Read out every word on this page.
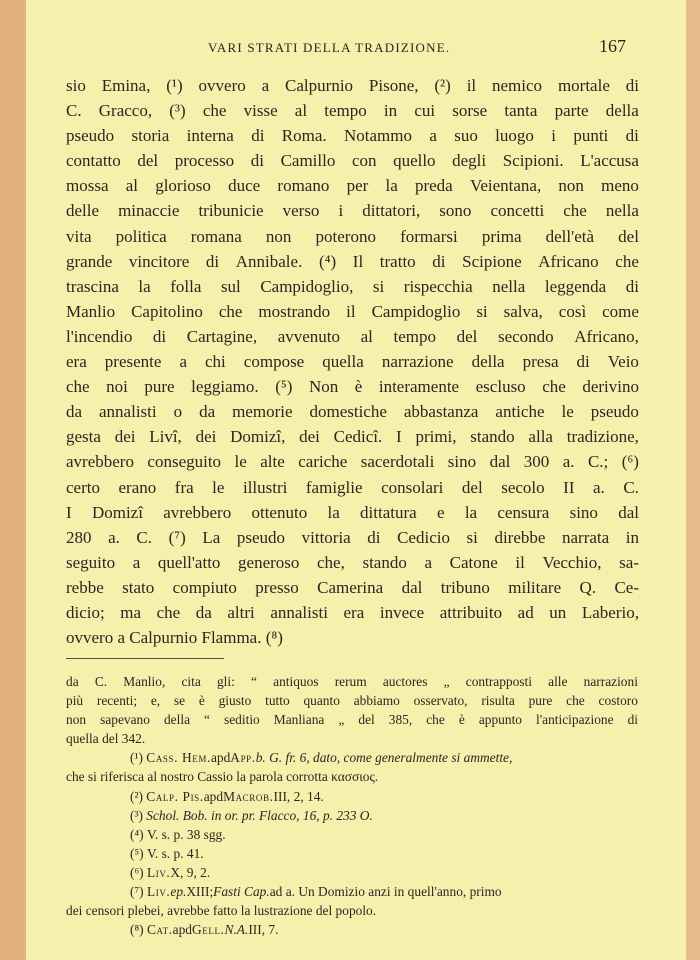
VARI STRATI DELLA TRADIZIONE.	167
sio Emina, (¹) ovvero a Calpurnio Pisone, (²) il nemico mortale di
C. Gracco, (³) che visse al tempo in cui sorse tanta parte della
pseudo storia interna di Roma. Notammo a suo luogo i punti di
contatto del processo di Camillo con quello degli Scipioni. L'accusa
mossa al glorioso duce romano per la preda Veientana, non meno
delle minaccie tribunicie verso i dittatori, sono concetti che nella
vita politica romana non poterono formarsi prima dell'età del
grande vincitore di Annibale. (⁴) Il tratto di Scipione Africano che
trascina la folla sul Campidoglio, si rispecchia nella leggenda di
Manlio Capitolino che mostrando il Campidoglio si salva, così come
l'incendio di Cartagine, avvenuto al tempo del secondo Africano,
era presente a chi compose quella narrazione della presa di Veio
che noi pure leggiamo. (⁵) Non è interamente escluso che derivino
da annalisti o da memorie domestiche abbastanza antiche le pseudo
gesta dei Livî, dei Domizî, dei Cedicî. I primi, stando alla tradizione,
avrebbero conseguito le alte cariche sacerdotali sino dal 300 a. C.; (⁶)
certo erano fra le illustri famiglie consolari del secolo II a. C.
I Domizî avrebbero ottenuto la dittatura e la censura sino dal
280 a. C. (⁷) La pseudo vittoria di Cedicio si direbbe narrata in
seguito a quell'atto generoso che, stando a Catone il Vecchio, sa-
rebbe stato compiuto presso Camerina dal tribuno militare Q. Ce-
dicio; ma che da altri annalisti era invece attribuito ad un Laberio,
ovvero a Calpurnio Flamma. (⁸)
da C. Manlio, cita gli: “ antiquos rerum auctores „ contrapposti alle narrazioni
più recenti; e, se è giusto tutto quanto abbiamo osservato, risulta pure che costoro
non sapevano della “ seditio Manliana „ del 385, che è appunto l'anticipazione di
quella del 342.
(¹)
Cass. Hem. apd App. b. G. fr. 6, dato, come generalmente si ammette,
che si riferisca al nostro Cassio la parola corrotta κασσιος.
(²)
Calp. Pis. apd Macrob. III, 2, 14.
(³)
Schol. Bob. in or. pr. Flacco, 16, p. 233 O.
(⁴)
V. s. p. 38 sgg.
(⁵)
V. s. p. 41.
(⁶)
Liv. X, 9, 2.
(⁷)
Liv. ep. XIII; Fasti Cap. ad a. Un Domizio anzi in quell'anno, primo
dei censori plebei, avrebbe fatto la lustrazione del popolo.
(⁸)
Cat. apd Gell. N.A. III, 7.
